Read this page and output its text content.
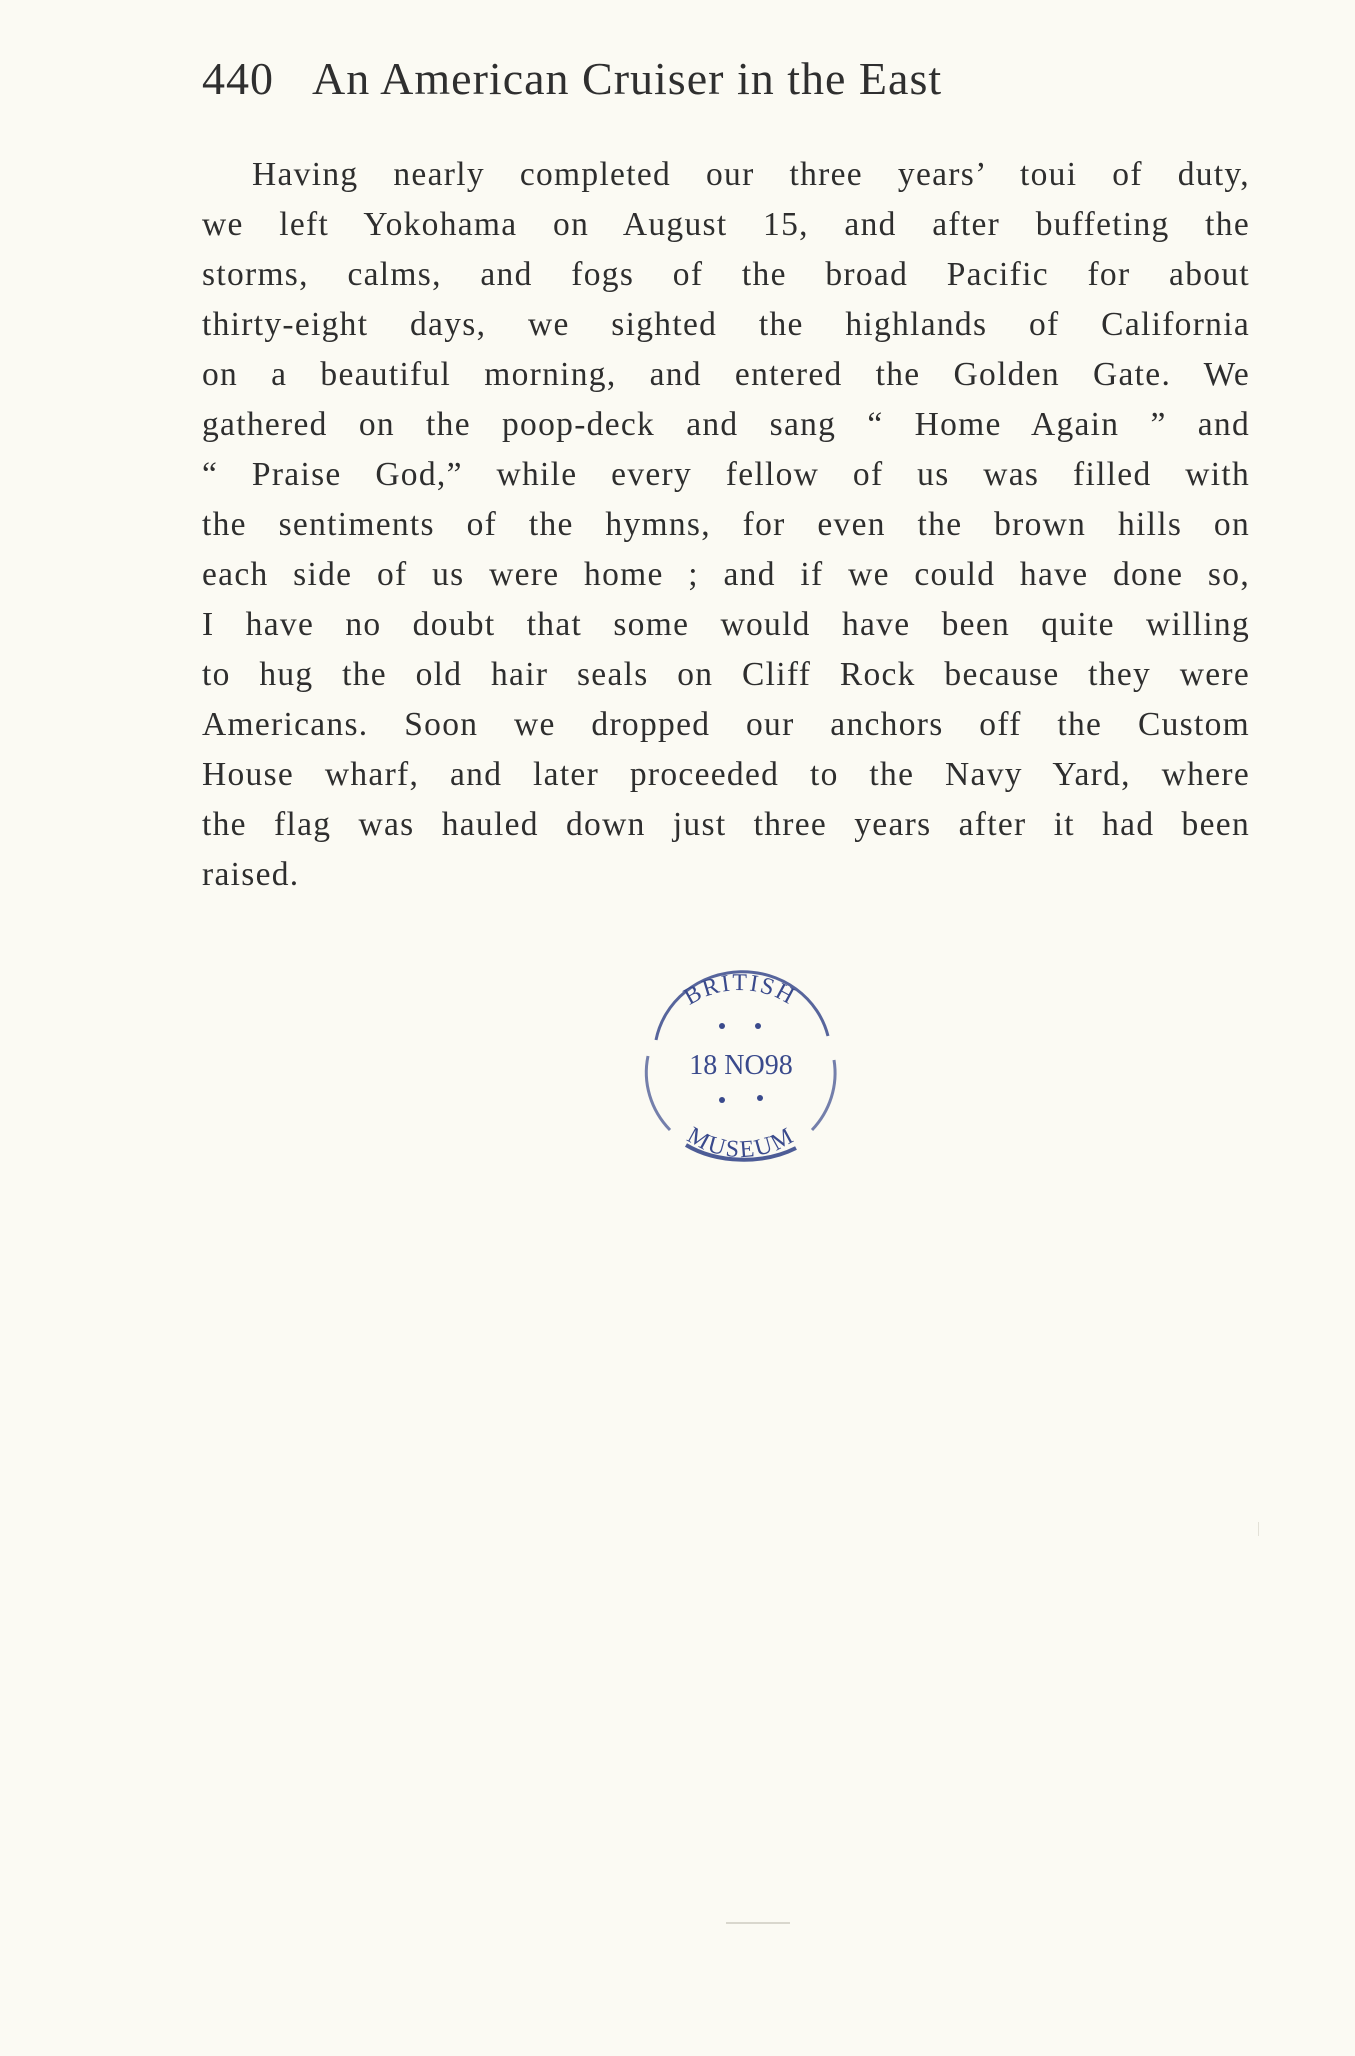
440 An American Cruiser in the East
Having nearly completed our three years’ toui of duty,
we left Yokohama on August 15, and after buffeting the
storms, calms, and fogs of the broad Pacific for about
thirty-eight days, we sighted the highlands of California
on a beautiful morning, and entered the Golden Gate. We
gathered on the poop-deck and sang “ Home Again ” and
“ Praise God,” while every fellow of us was filled with
the sentiments of the hymns, for even the brown hills on
each side of us were home ; and if we could have done so,
I have no doubt that some would have been quite willing
to hug the old hair seals on Cliff Rock because they were
Americans. Soon we dropped our anchors off the Custom
House wharf, and later proceeded to the Navy Yard, where
the flag was hauled down just three years after it had been
raised.
BRITISH
MUSEUM
18 NO98
